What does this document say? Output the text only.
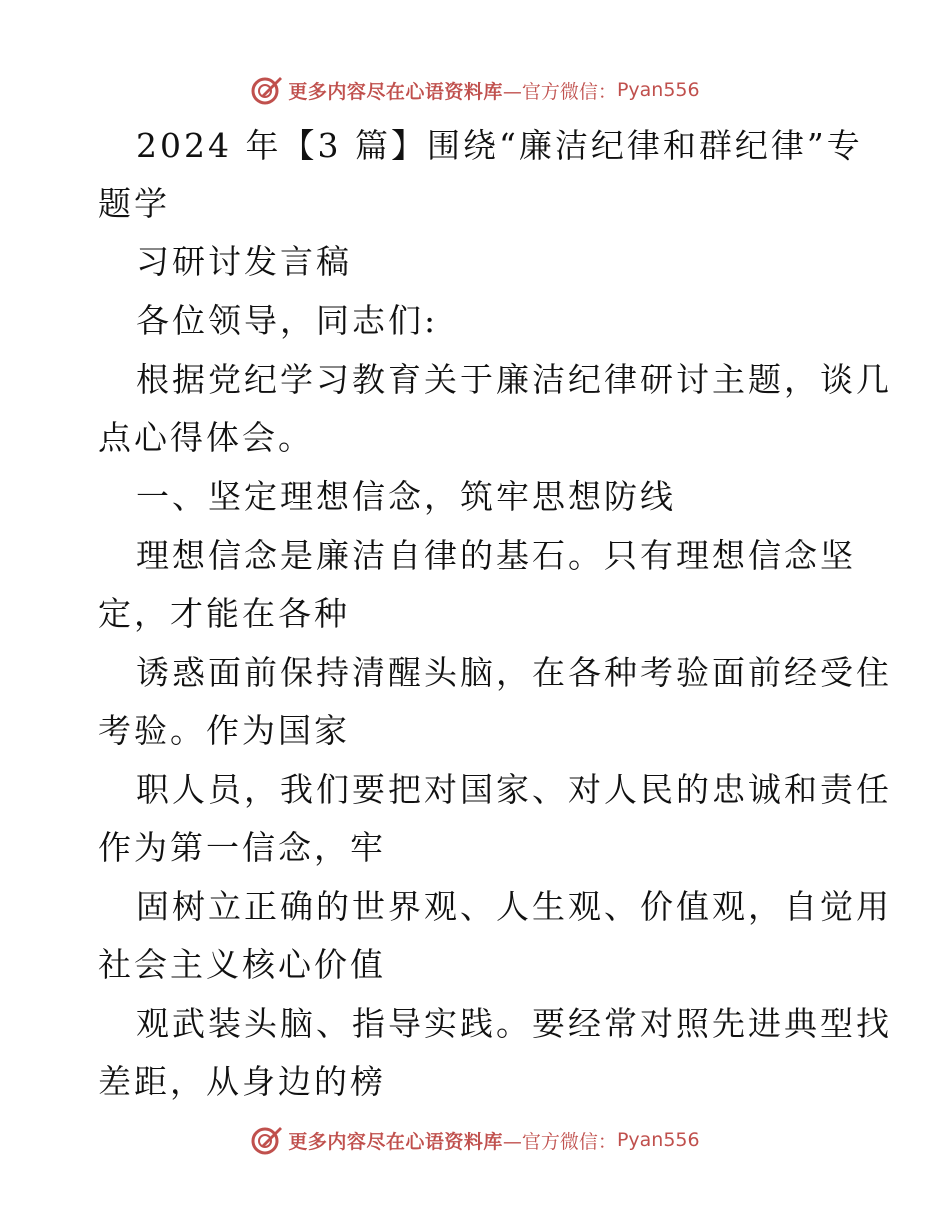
更多内容尽在心语资料库 —官方微信： Pyan556
2024 年【3 篇】围绕“廉洁纪律和群纪律”专
题学
习研讨发言稿
各位领导，同志们:
根据党纪学习教育关于廉洁纪律研讨主题，谈几
点心得体会。
一、坚定理想信念，筑牢思想防线
理想信念是廉洁自律的基石。只有理想信念坚
定，才能在各种
诱惑面前保持清醒头脑，在各种考验面前经受住
考验。作为国家
职人员，我们要把对国家、对人民的忠诚和责任
作为第一信念，牢
固树立正确的世界观、人生观、价值观，自觉用
社会主义核心价值
观武装头脑、指导实践。要经常对照先进典型找
差距，从身边的榜
更多内容尽在心语资料库 —官方微信： Pyan556
